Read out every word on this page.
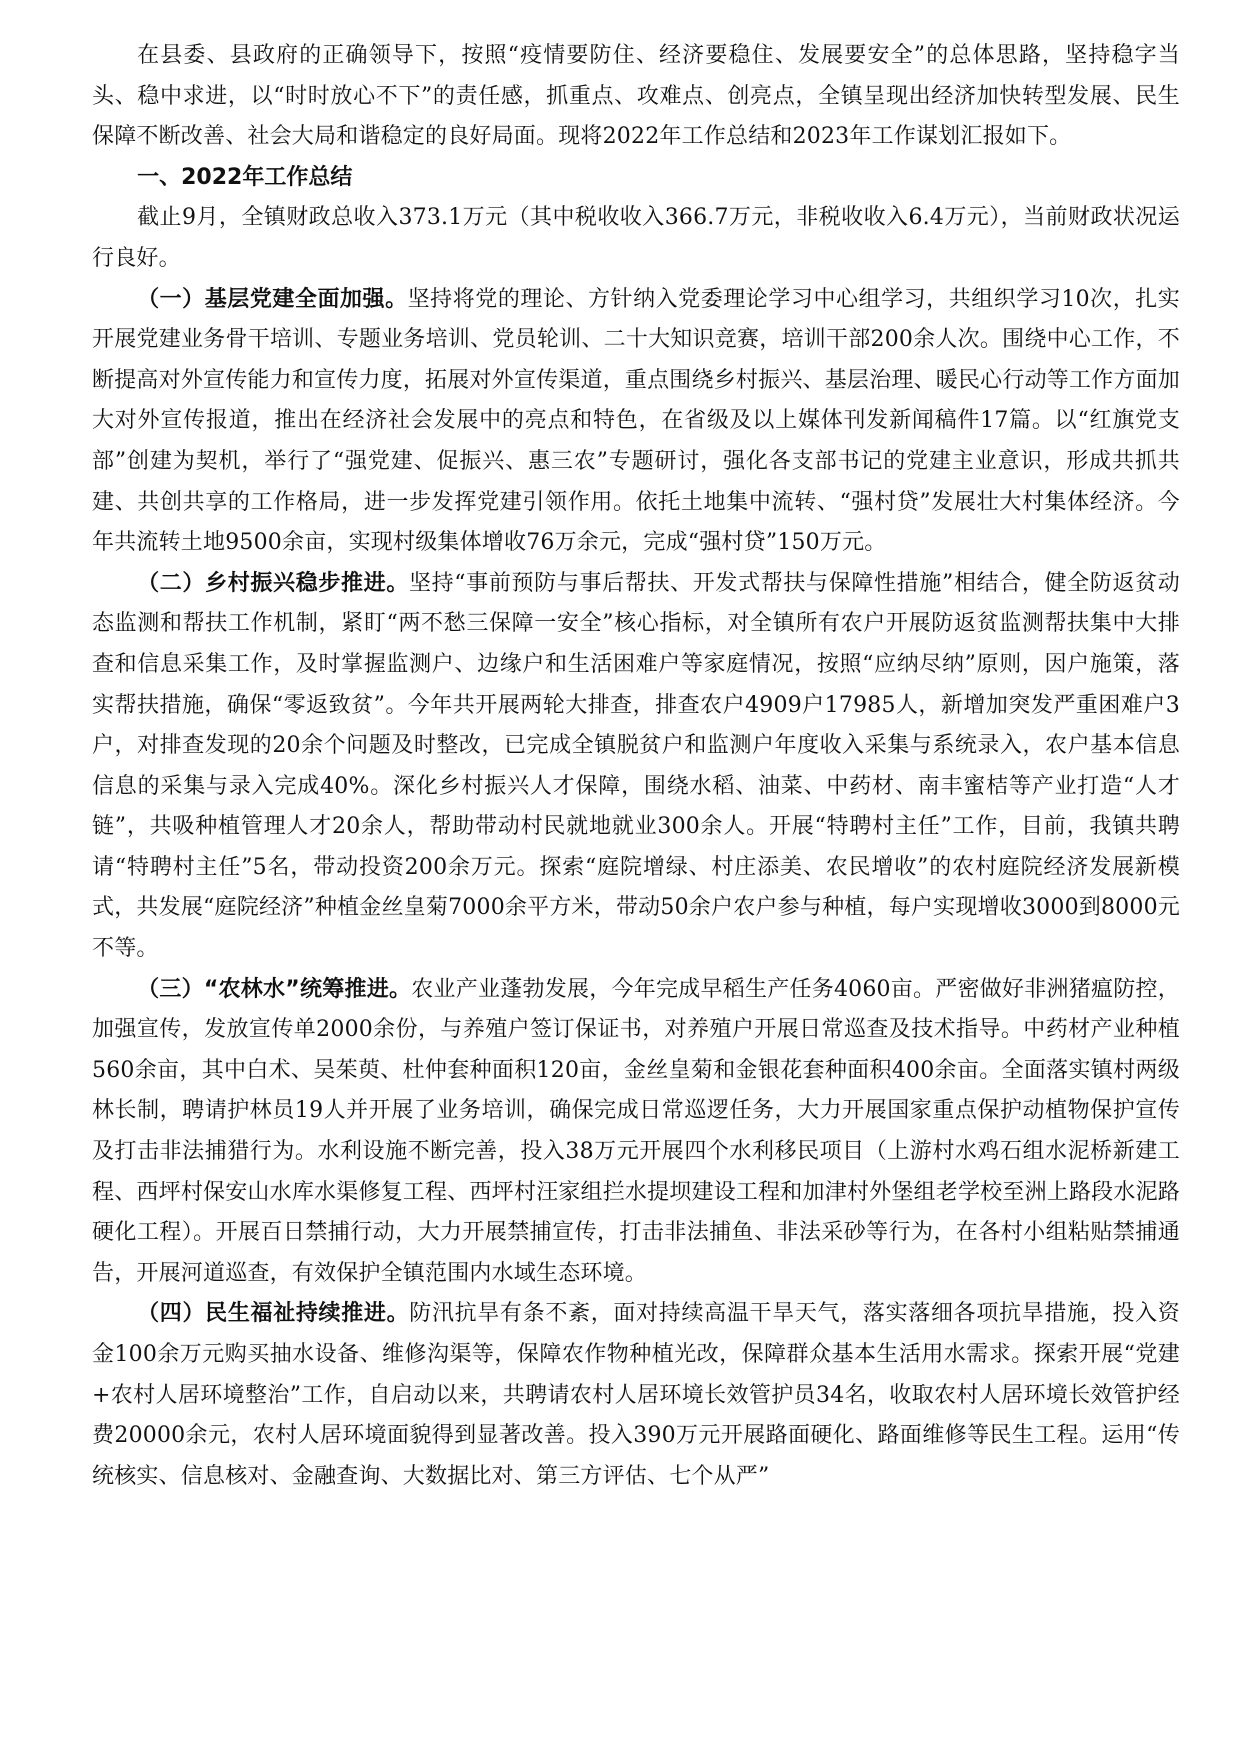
在县委、县政府的正确领导下，按照“疫情要防住、经济要稳住、发展要安全”的总体思路，坚持稳字当头、稳中求进，以“时时放心不下”的责任感，抓重点、攻难点、创亮点，全镇呈现出经济加快转型发展、民生保障不断改善、社会大局和谐稳定的良好局面。现将2022年工作总结和2023年工作谋划汇报如下。

一、2022年工作总结

截止9月，全镇财政总收入373.1万元（其中税收收入366.7万元，非税收收入6.4万元），当前财政状况运行良好。

（一）基层党建全面加强。坚持将党的理论、方针纳入党委理论学习中心组学习，共组织学习10次，扎实开展党建业务骨干培训、专题业务培训、党员轮训、二十大知识竞赛，培训干部200余人次。围绕中心工作，不断提高对外宣传能力和宣传力度，拓展对外宣传渠道，重点围绕乡村振兴、基层治理、暖民心行动等工作方面加大对外宣传报道，推出在经济社会发展中的亮点和特色，在省级及以上媒体刊发新闻稿件17篇。以“红旗党支部”创建为契机，举行了“强党建、促振兴、惠三农”专题研讨，强化各支部书记的党建主业意识，形成共抓共建、共创共享的工作格局，进一步发挥党建引领作用。依托土地集中流转、“强村贷”发展壮大村集体经济。今年共流转土地9500余亩，实现村级集体增收76万余元，完成“强村贷”150万元。

（二）乡村振兴稳步推进。坚持“事前预防与事后帮扶、开发式帮扶与保障性措施”相结合，健全防返贫动态监测和帮扶工作机制，紧盯“两不愁三保障一安全”核心指标，对全镇所有农户开展防返贫监测帮扶集中大排查和信息采集工作，及时掌握监测户、边缘户和生活困难户等家庭情况，按照“应纳尽纳”原则，因户施策，落实帮扶措施，确保“零返致贫”。今年共开展两轮大排查，排查农户4909户17985人，新增加突发严重困难户3户，对排查发现的20余个问题及时整改，已完成全镇脱贫户和监测户年度收入采集与系统录入，农户基本信息信息的采集与录入完成40%。深化乡村振兴人才保障，围绕水稻、油菜、中药材、南丰蜜桔等产业打造“人才链”，共吸种植管理人才20余人，帮助带动村民就地就业300余人。开展“特聘村主任”工作，目前，我镇共聘请“特聘村主任”5名，带动投资200余万元。探索“庭院增绿、村庄添美、农民增收”的农村庭院经济发展新模式，共发展“庭院经济”种植金丝皇菊7000余平方米，带动50余户农户参与种植，每户实现增收3000到8000元不等。

（三）“农林水”统筹推进。农业产业蓬勃发展，今年完成早稻生产任务4060亩。严密做好非洲猪瘟防控，加强宣传，发放宣传单2000余份，与养殖户签订保证书，对养殖户开展日常巡查及技术指导。中药材产业种植560余亩，其中白术、吴茱萸、杜仲套种面积120亩，金丝皇菊和金银花套种面积400余亩。全面落实镇村两级林长制，聘请护林员19人并开展了业务培训，确保完成日常巡逻任务，大力开展国家重点保护动植物保护宣传及打击非法捕猎行为。水利设施不断完善，投入38万元开展四个水利移民项目（上游村水鸡石组水泥桥新建工程、西坪村保安山水库水渠修复工程、西坪村汪家组拦水提坝建设工程和加津村外堡组老学校至洲上路段水泥路硬化工程）。开展百日禁捕行动，大力开展禁捕宣传，打击非法捕鱼、非法采砂等行为，在各村小组粘贴禁捕通告，开展河道巡查，有效保护全镇范围内水域生态环境。

（四）民生福祉持续推进。防汛抗旱有条不紊，面对持续高温干旱天气，落实落细各项抗旱措施，投入资金100余万元购买抽水设备、维修沟渠等，保障农作物种植光改，保障群众基本生活用水需求。探索开展“党建+农村人居环境整治”工作，自启动以来，共聘请农村人居环境长效管护员34名，收取农村人居环境长效管护经费20000余元，农村人居环境面貌得到显著改善。投入390万元开展路面硬化、路面维修等民生工程。运用“传统核实、信息核对、金融查询、大数据比对、第三方评估、七个从严”
